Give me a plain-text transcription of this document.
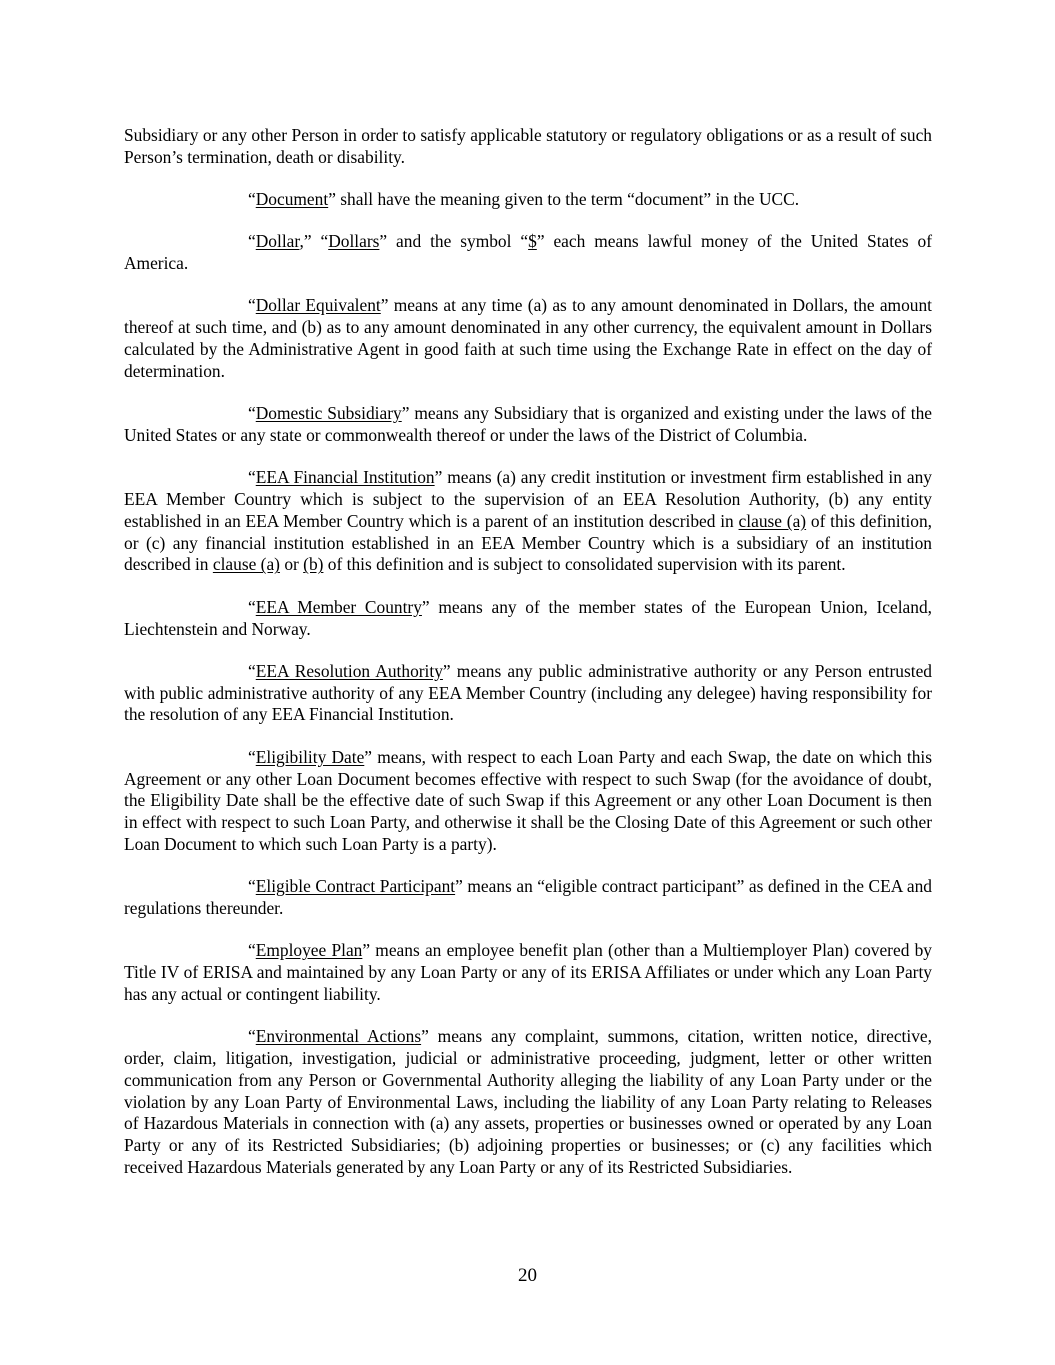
Subsidiary or any other Person in order to satisfy applicable statutory or regulatory obligations or as a result of such Person’s termination, death or disability.

“Document” shall have the meaning given to the term “document” in the UCC.

“Dollar,” “Dollars” and the symbol “$” each means lawful money of the United States of

America.

“Dollar Equivalent” means at any time (a) as to any amount denominated in Dollars, the amount thereof at such time, and (b) as to any amount denominated in any other currency, the equivalent amount in Dollars calculated by the Administrative Agent in good faith at such time using the Exchange Rate in effect on the day of determination.

“Domestic Subsidiary” means any Subsidiary that is organized and existing under the laws of the United States or any state or commonwealth thereof or under the laws of the District of Columbia.

“EEA Financial Institution” means (a) any credit institution or investment firm established in any EEA Member Country which is subject to the supervision of an EEA Resolution Authority, (b) any entity established in an EEA Member Country which is a parent of an institution described in clause (a) of this definition, or (c) any financial institution established in an EEA Member Country which is a subsidiary of an institution described in clause (a) or (b) of this definition and is subject to consolidated supervision with its parent.

“EEA Member Country” means any of the member states of the European Union, Iceland, Liechtenstein and Norway.

“EEA Resolution Authority” means any public administrative authority or any Person entrusted with public administrative authority of any EEA Member Country (including any delegee) having responsibility for the resolution of any EEA Financial Institution.

“Eligibility Date” means, with respect to each Loan Party and each Swap, the date on which this Agreement or any other Loan Document becomes effective with respect to such Swap (for the avoidance of doubt, the Eligibility Date shall be the effective date of such Swap if this Agreement or any other Loan Document is then in effect with respect to such Loan Party, and otherwise it shall be the Closing Date of this Agreement or such other Loan Document to which such Loan Party is a party).

“Eligible Contract Participant” means an “eligible contract participant” as defined in the CEA and regulations thereunder.

“Employee Plan” means an employee benefit plan (other than a Multiemployer Plan) covered by Title IV of ERISA and maintained by any Loan Party or any of its ERISA Affiliates or under which any Loan Party has any actual or contingent liability.

“Environmental Actions” means any complaint, summons, citation, written notice, directive, order, claim, litigation, investigation, judicial or administrative proceeding, judgment, letter or other written communication from any Person or Governmental Authority alleging the liability of any Loan Party under or the violation by any Loan Party of Environmental Laws, including the liability of any Loan Party relating to Releases of Hazardous Materials in connection with (a) any assets, properties or businesses owned or operated by any Loan Party or any of its Restricted Subsidiaries; (b) adjoining properties or businesses; or (c) any facilities which received Hazardous Materials generated by any Loan Party or any of its Restricted Subsidiaries.

20
